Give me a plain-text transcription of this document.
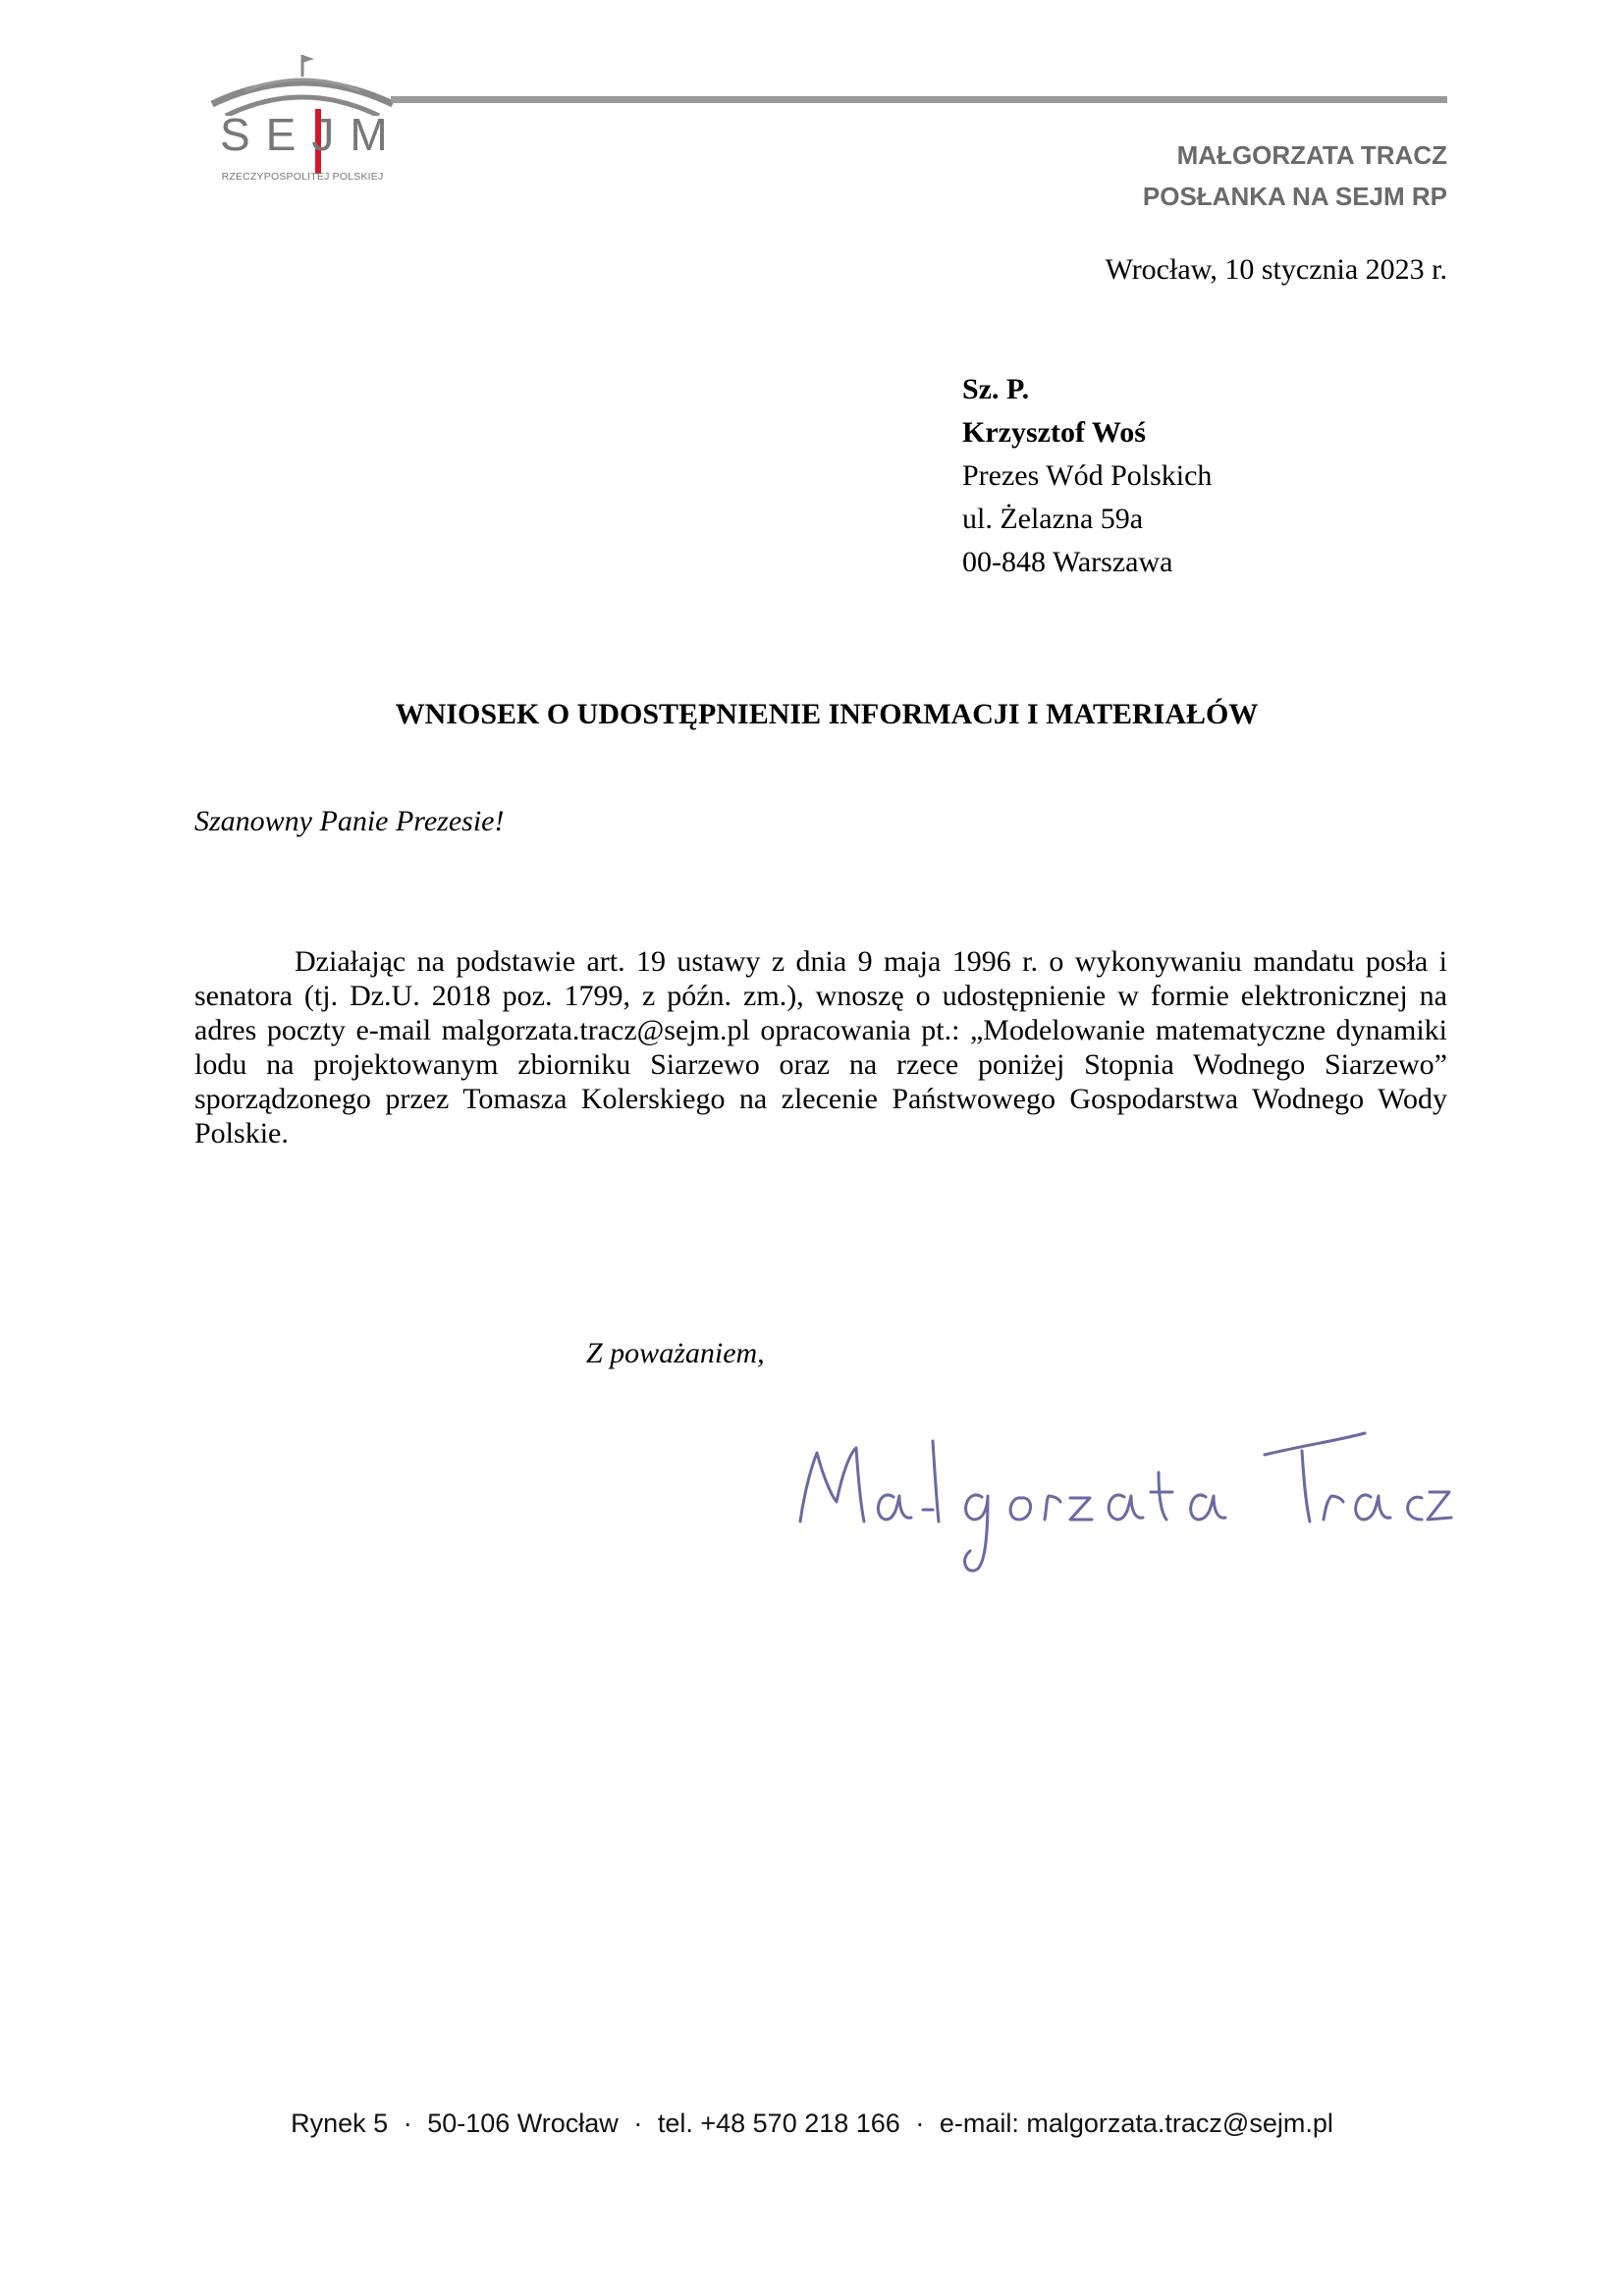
SEJM
RZECZYPOSPOLITEJ POLSKIEJ
MAŁGORZATA TRACZ
POSŁANKA NA SEJM RP
Wrocław, 10 stycznia 2023 r.
Sz. P.
Krzysztof Woś
Prezes Wód Polskich
ul. Żelazna 59a
00-848 Warszawa
WNIOSEK O UDOSTĘPNIENIE INFORMACJI I MATERIAŁÓW
Szanowny Panie Prezesie!

Działając na podstawie art. 19 ustawy z dnia 9 maja 1996 r. o wykonywaniu mandatu posła i senatora (tj. Dz.U. 2018 poz. 1799, z późn. zm.), wnoszę o udostępnienie w formie elektronicznej na adres poczty e-mail malgorzata.tracz@sejm.pl opracowania pt.: „Modelowanie matematyczne dynamiki lodu na projektowanym zbiorniku Siarzewo oraz na rzece poniżej Stopnia Wodnego Siarzewo” sporządzonego przez Tomasza Kolerskiego na zlecenie Państwowego Gospodarstwa Wodnego Wody Polskie.

Z poważaniem,
Rynek 5 · 50-106 Wrocław · tel. +48 570 218 166 · e-mail: malgorzata.tracz@sejm.pl
